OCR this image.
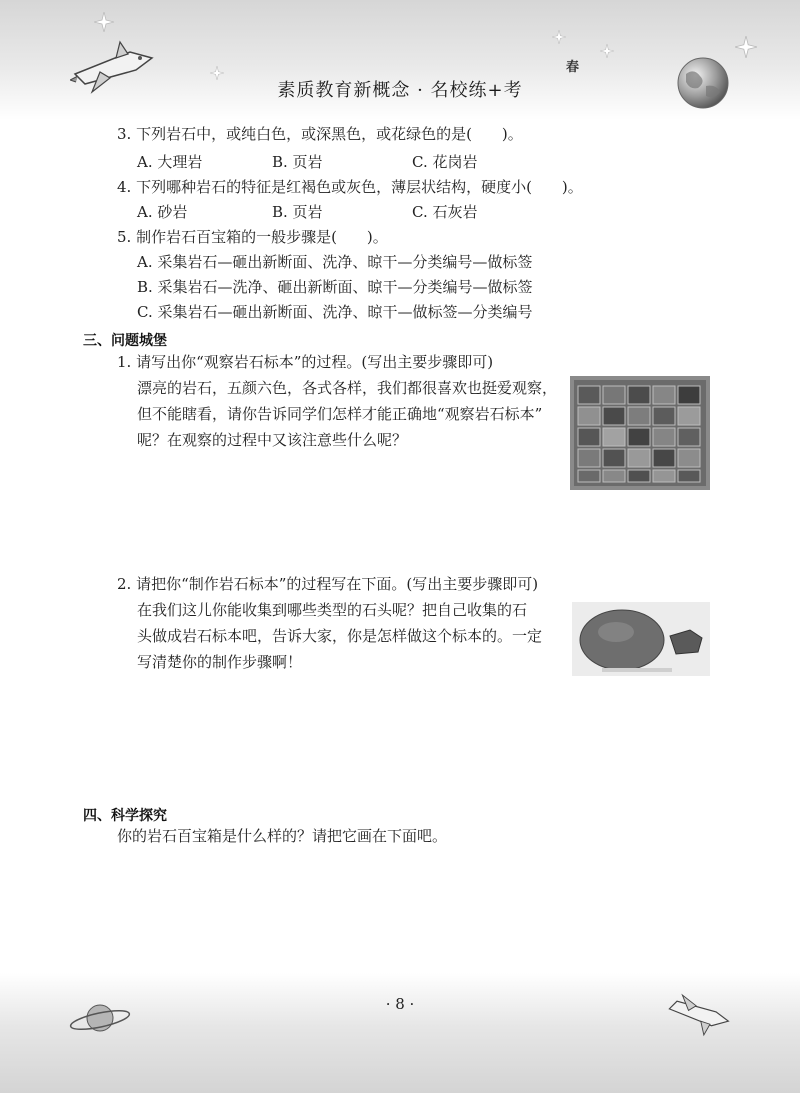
春
素质教育新概念 · 名校练+考
3. 下列岩石中，或纯白色，或深黑色，或花绿色的是(　　)。
A. 大理岩	B. 页岩	C. 花岗岩
4. 下列哪种岩石的特征是红褐色或灰色，薄层状结构，硬度小(　　)。
A. 砂岩	B. 页岩	C. 石灰岩
5. 制作岩石百宝箱的一般步骤是(　　)。
A. 采集岩石—砸出新断面、洗净、晾干—分类编号—做标签
B. 采集岩石—洗净、砸出新断面、晾干—分类编号—做标签
C. 采集岩石—砸出新断面、洗净、晾干—做标签—分类编号
三、问题城堡
1. 请写出你“观察岩石标本”的过程。(写出主要步骤即可)
漂亮的岩石，五颜六色，各式各样，我们都很喜欢也挺爱观察，
但不能瞎看，请你告诉同学们怎样才能正确地“观察岩石标本”
呢？在观察的过程中又该注意些什么呢？
2. 请把你“制作岩石标本”的过程写在下面。(写出主要步骤即可)
在我们这儿你能收集到哪些类型的石头呢？把自己收集的石
头做成岩石标本吧，告诉大家，你是怎样做这个标本的。一定
写清楚你的制作步骤啊！
四、科学探究
你的岩石百宝箱是什么样的？请把它画在下面吧。
· 8 ·
